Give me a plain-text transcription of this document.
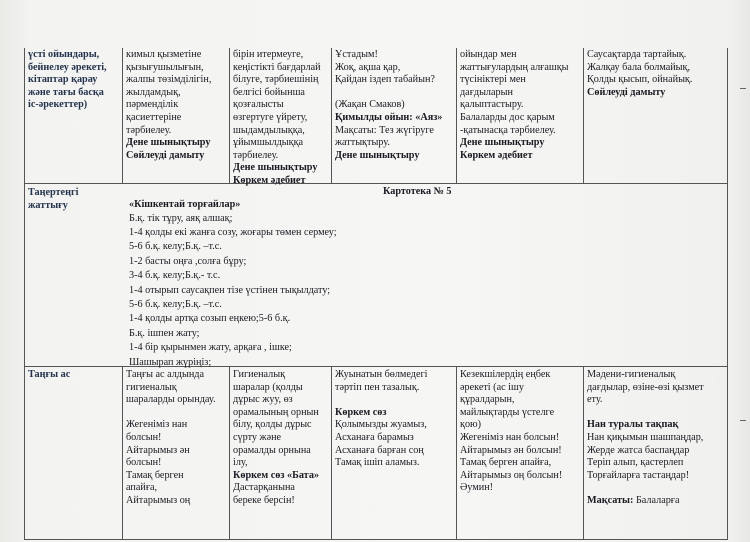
үсті ойындары,
бейнелеу әрекеті,
кітаптар қарау
және тағы басқа
іс-әрекеттер)
кимыл қызметіне
қызығушылығын,
жалпы төзімділігін,
жылдамдық,
пәрмендiлік
қасиеттеріне
тәрбиелеу.
Дене шынықтыру
Сөйлеуді дамыту
бірін итермеуге,
кеңістікті бағдарлай
білуге, тәрбиешінің
белгісі бойынша
қозғалысты
өзгертуге үйрету,
шыдамдылыққа,
ұйымшылдыққа
тәрбиелеу.
Дене шынықтыру
Көркем әдебиет
Ұстадым!
Жоқ, ақша қар,
Қайдан іздеп табайын?
(Жақан Смаков)
Қимылды ойын: «Аяз»
Мақсаты: Тез жүгіруге
жаттықтыру.
Дене шынықтыру
ойындар мен
жаттығулардың алғашқы
түсініктері мен
дағдыларын
қалыптастыру.
Балаларды дос қарым
-қатынасқа тәрбиелеу.
Дене шынықтыру
Көркем әдебиет
Саусақтарда тартайық.
Жалқау бала болмайық,
Қолды қысып, ойнайық.
Сөйлеуді дамыту
Таңертеңгі
жаттығу
Картотека № 5
«Кішкентай торғайлар»
Б.қ. тік тұру, аяқ алшақ;
1-4 қолды екі жанға созу, жоғары төмен сермеу;
5-6 б.қ. келу;Б.қ. –т.с.
1-2 басты оңға ,солға бұру;
3-4 б.қ. келу;Б.қ.- т.с.
1-4 отырып саусақпен тізе үстінен тықылдату;
5-6 б.қ. келу;Б.қ. –т.с.
1-4 қолды артқа созып еңкею;5-6 б.қ.
Б.қ. ішпен жату;
1-4 бір қырынмен жату, арқаға , ішке;
Шашырап жүріңіз;
Таңғы ас	Таңғы ас алдында
гигиеналық
шараларды орындау.
Жегеніміз нан
болсын!
Айтарымыз ән
болсын!
Тамақ берген
апайға,
Айтарымыз оң
Гигиеналық
шаралар (қолды
дұрыс жуу, өз
орамалының орнын
білу, қолды дұрыс
сүрту және
орамалды орнына
ілу,
Көркем сөз «Бата»
Дастарқанына
береке берсін!
Жуынатын бөлмедегі
тәртіп пен тазалық.
Көркем сөз
Қолымызды жуамыз,
Асханаға барамыз
Асханаға барған соң
Тамақ ішіп аламыз.
Кезекшілердің еңбек
әрекеті (ас ішу
құралдарын,
майлықтарды үстелге
қою)
Жегеніміз нан болсын!
Айтарымыз ән болсын!
Тамақ берген апайға,
Айтарымыз оң болсын!
Әумин!
Мәдени-гигиеналық
дағдылар, өзіне-өзі қызмет
ету.
Нан туралы тақпақ
Нан қиқымын шашпаңдар,
Жерде жатса баспаңдар
Теріп алып, қастерлеп
Торғайларға тастаңдар!
Мақсаты: Балаларға
